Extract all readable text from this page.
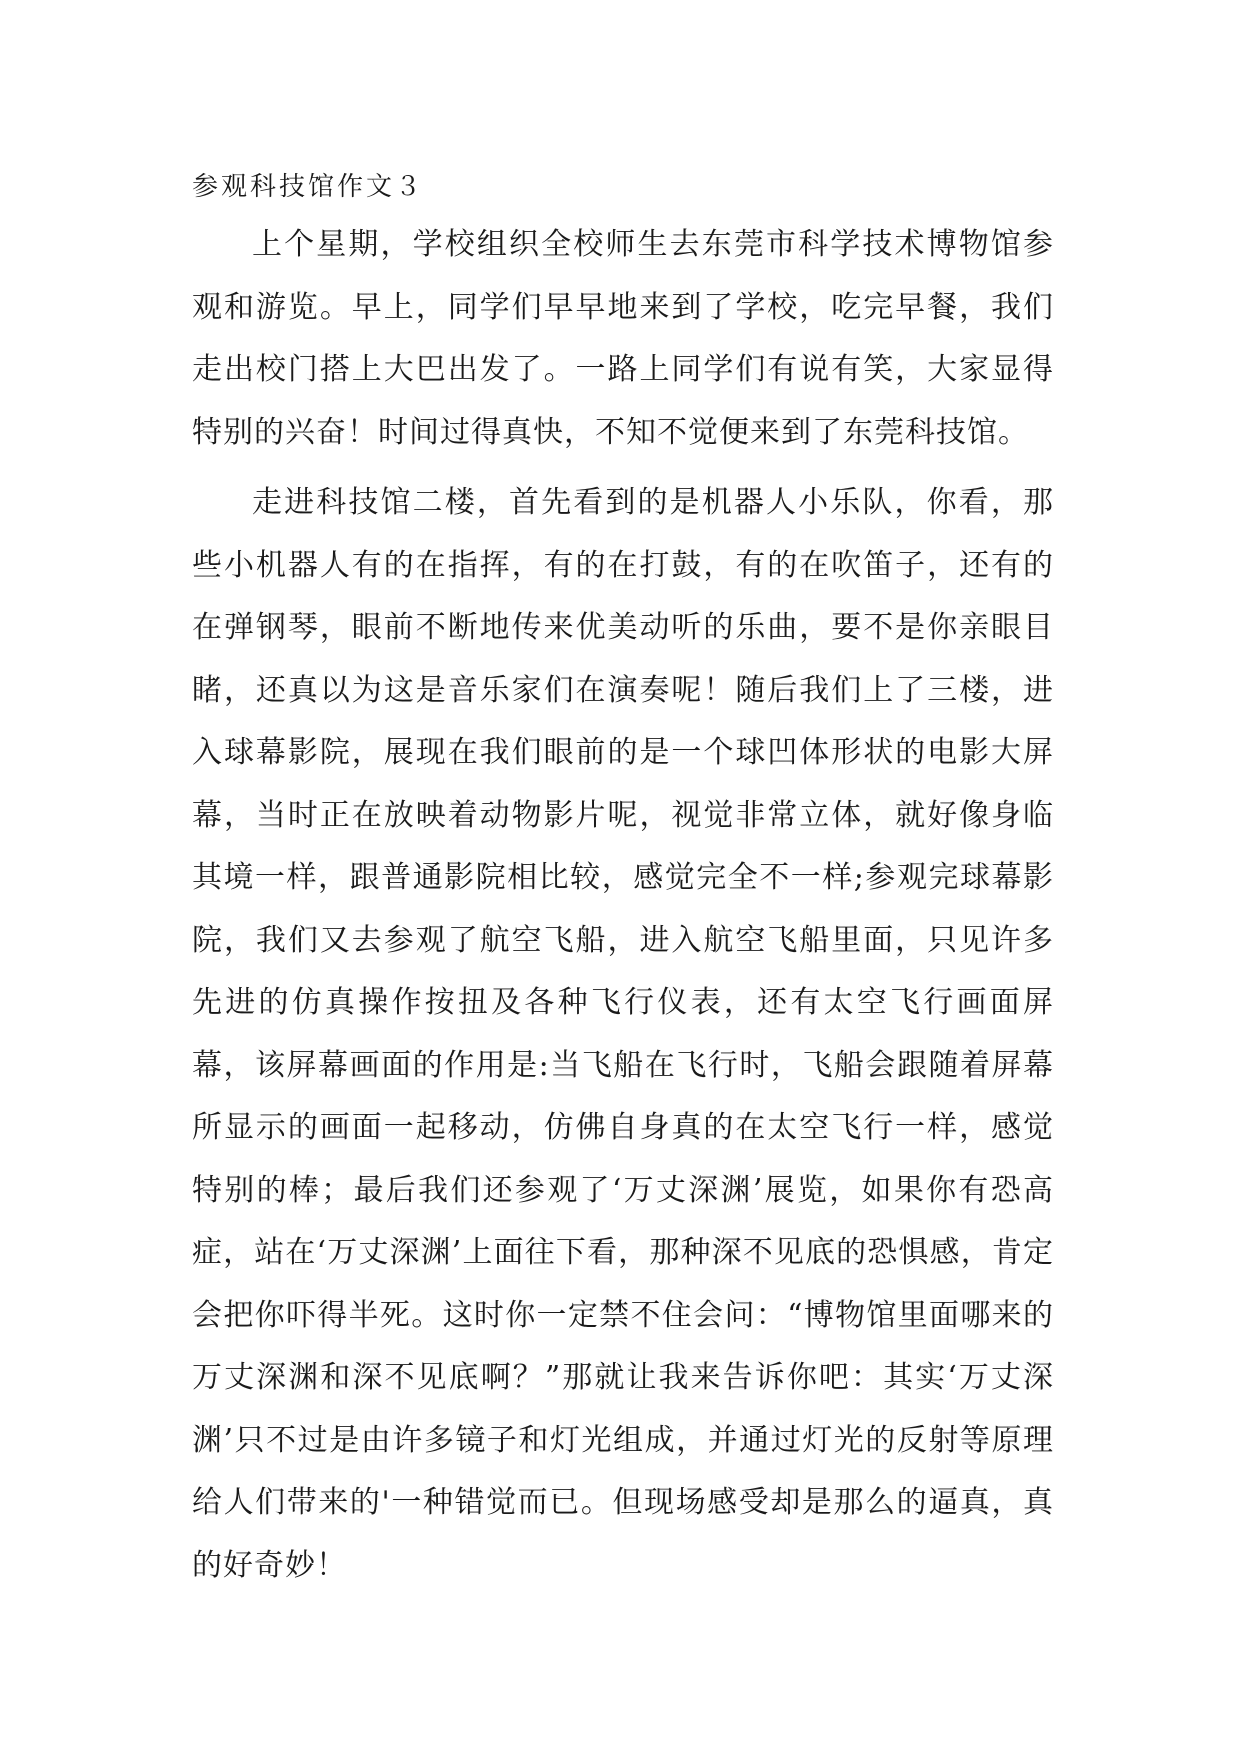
参观科技馆作文３

上个星期，学校组织全校师生去东莞市科学技术博物馆参观和游览。早上，同学们早早地来到了学校，吃完早餐，我们走出校门搭上大巴出发了。一路上同学们有说有笑，大家显得特别的兴奋！时间过得真快，不知不觉便来到了东莞科技馆。

走进科技馆二楼，首先看到的是机器人小乐队，你看，那些小机器人有的在指挥，有的在打鼓，有的在吹笛子，还有的在弹钢琴，眼前不断地传来优美动听的乐曲，要不是你亲眼目睹，还真以为这是音乐家们在演奏呢！随后我们上了三楼，进入球幕影院，展现在我们眼前的是一个球凹体形状的电影大屏幕，当时正在放映着动物影片呢，视觉非常立体，就好像身临其境一样，跟普通影院相比较，感觉完全不一样;参观完球幕影院，我们又去参观了航空飞船，进入航空飞船里面，只见许多先进的仿真操作按扭及各种飞行仪表，还有太空飞行画面屏幕，该屏幕画面的作用是:当飞船在飞行时，飞船会跟随着屏幕所显示的画面一起移动，仿佛自身真的在太空飞行一样，感觉特别的棒；最后我们还参观了‘万丈深渊’展览，如果你有恐高症，站在‘万丈深渊’上面往下看，那种深不见底的恐惧感，肯定会把你吓得半死。这时你一定禁不住会问：“博物馆里面哪来的万丈深渊和深不见底啊？”那就让我来告诉你吧：其实‘万丈深渊’只不过是由许多镜子和灯光组成，并通过灯光的反射等原理给人们带来的'一种错觉而已。但现场感受却是那么的逼真，真的好奇妙！
